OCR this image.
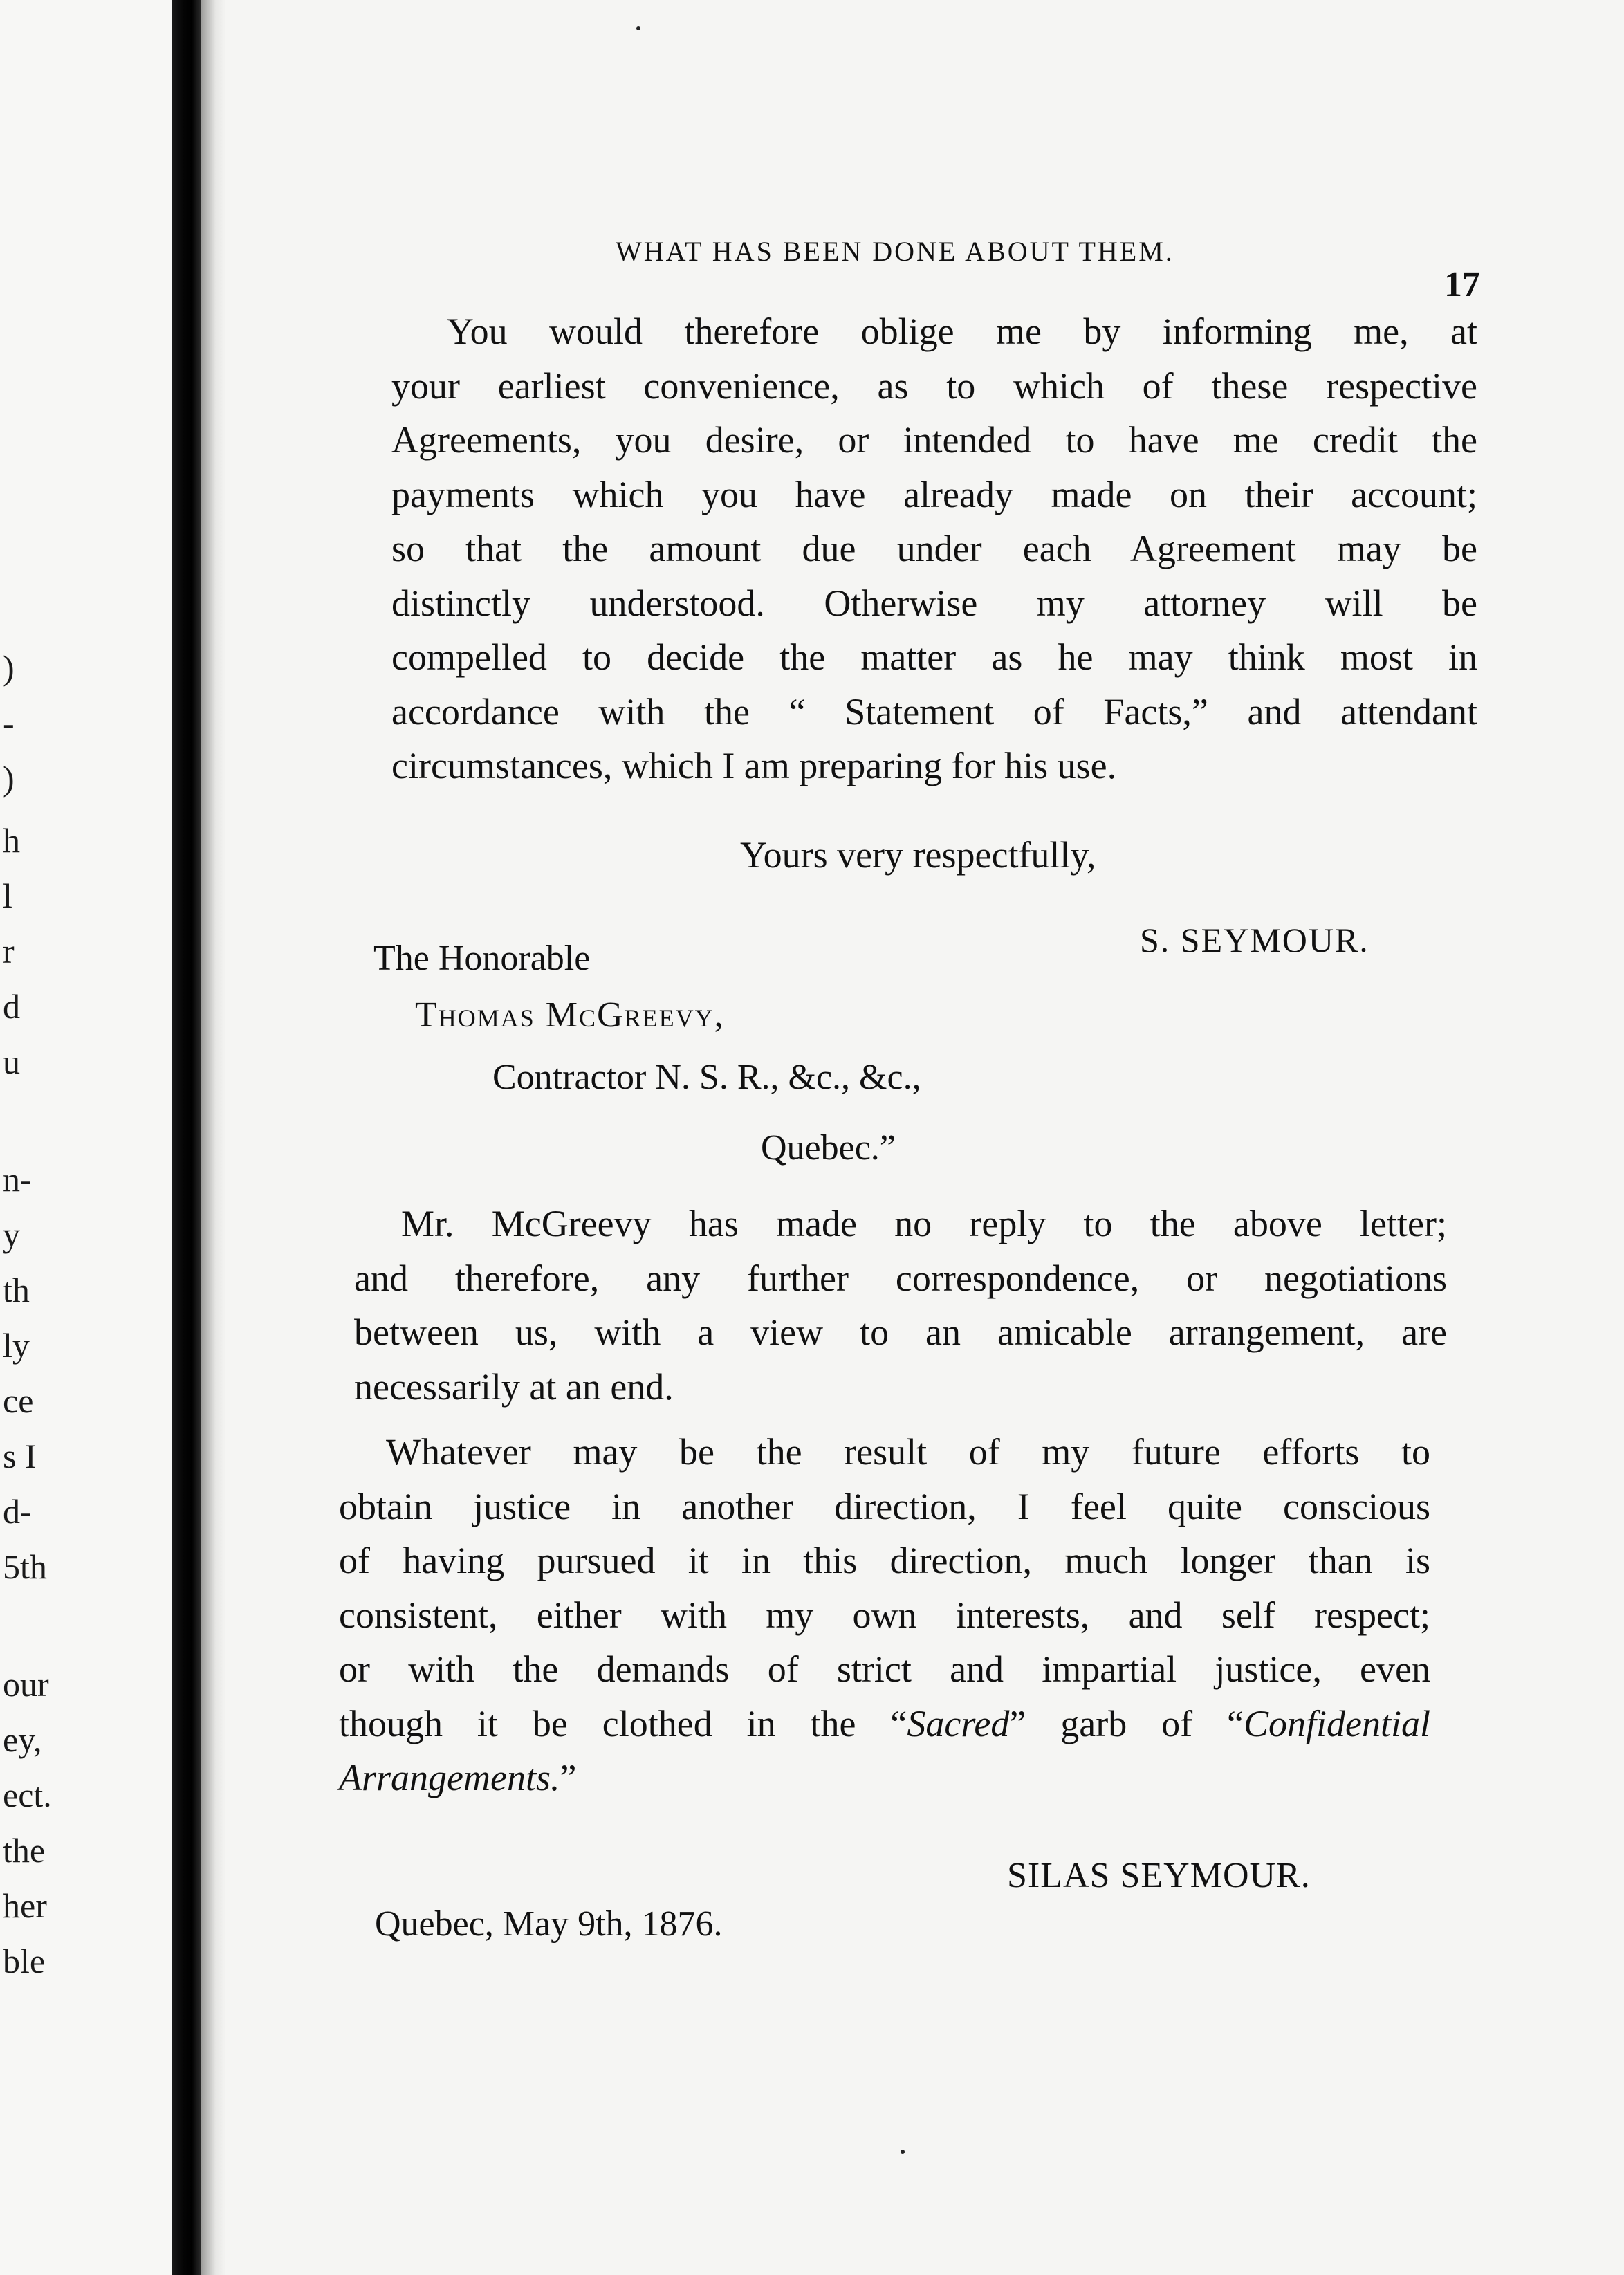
)
-
)
h
l
r
d
u
n-
y
th
ly
ce
s I
d-
5th
our
ey,
ect.
the
her
ble
WHAT HAS BEEN DONE ABOUT THEM.
17
You would therefore oblige me by informing me, at
your earliest convenience, as to which of these respective
Agreements, you desire, or intended to have me credit the
payments which you have already made on their account;
so that the amount due under each Agreement may be
distinctly understood. Otherwise my attorney will be
compelled to decide the matter as he may think most in
accordance with the “ Statement of Facts,” and attendant
circumstances, which I am preparing for his use.
Yours very respectfully,
S. SEYMOUR.
The Honorable
Thomas McGreevy,
Contractor N. S. R., &c., &c.,
Quebec.”
Mr. McGreevy has made no reply to the above letter;
and therefore, any further correspondence, or negotiations
between us, with a view to an amicable arrangement, are
necessarily at an end.
Whatever may be the result of my future efforts to
obtain justice in another direction, I feel quite conscious
of having pursued it in this direction, much longer than is
consistent, either with my own interests, and self respect;
or with the demands of strict and impartial justice, even
though it be clothed in the “Sacred” garb of “Confidential
Arrangements.”
SILAS SEYMOUR.
Quebec, May 9th, 1876.
